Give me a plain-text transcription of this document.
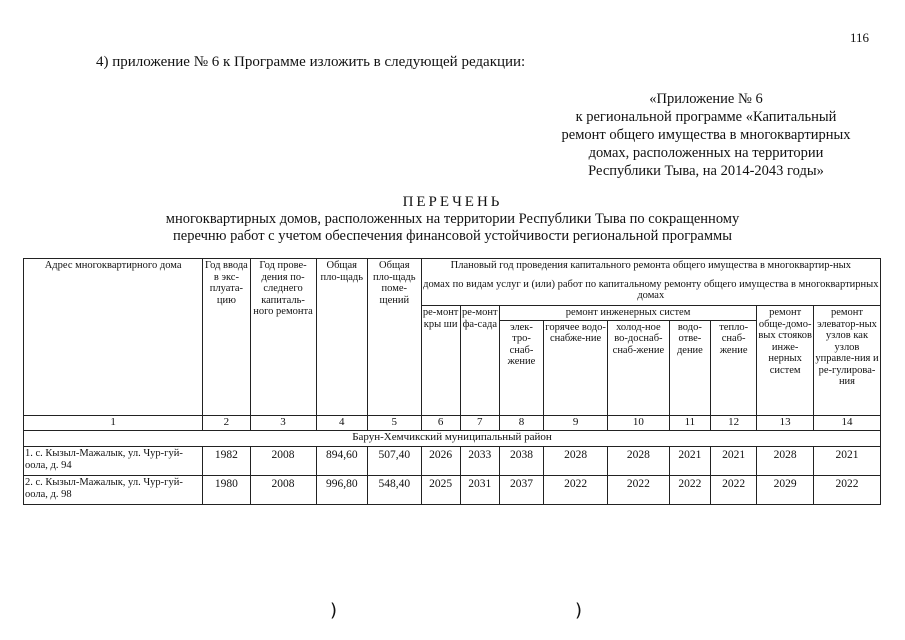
116
4) приложение № 6 к Программе изложить в следующей редакции:
«Приложение № 6
к региональной программе «Капитальный
ремонт общего имущества в многоквартирных
домах, расположенных на территории
Республики Тыва, на 2014-2043 годы»
ПЕРЕЧЕНЬ
многоквартирных домов, расположенных на территории Республики Тыва по сокращенному
перечню работ с учетом обеспечения финансовой устойчивости региональной программы
Адрес многоквартирного дома	Год ввода в экс-плуата-цию	Год прове-дения по-следнего капиталь-ного ремонта	Общая пло-щадь	Общая пло-щадь поме-щений	Плановый год проведения капитального ремонта общего имущества в многоквартир-ных
домах по видам услуг и (или) работ по капитальному ремонту общего имущества в многоквартирных домах								

					ре-монт кры ши	ре-монт фа-сада	ремонт инженерных систем					ремонт обще-домо-вых стояков инже-нерных систем	ремонт элеватор-ных узлов как узлов управле-ния и ре-гулирова-ния
							элек-тро-снаб-жение	горячее водо-снабже-ние	холод-ное во-доснаб-снаб-жение	водо-отве-дение	тепло-снаб-жение		
1	2	3	4	5	6	7	8	9	10	11	12	13	14
Барун-Хемчикский муниципальный район													
1. с. Кызыл-Мажалык, ул. Чур-гуй-оола, д. 94	1982	2008	894,60	507,40	2026	2033	2038	2028	2028	2021	2021	2028	2021
2. с. Кызыл-Мажалык, ул. Чур-гуй-оола, д. 98	1980	2008	996,80	548,40	2025	2031	2037	2022	2022	2022	2022	2029	2022
)	)
